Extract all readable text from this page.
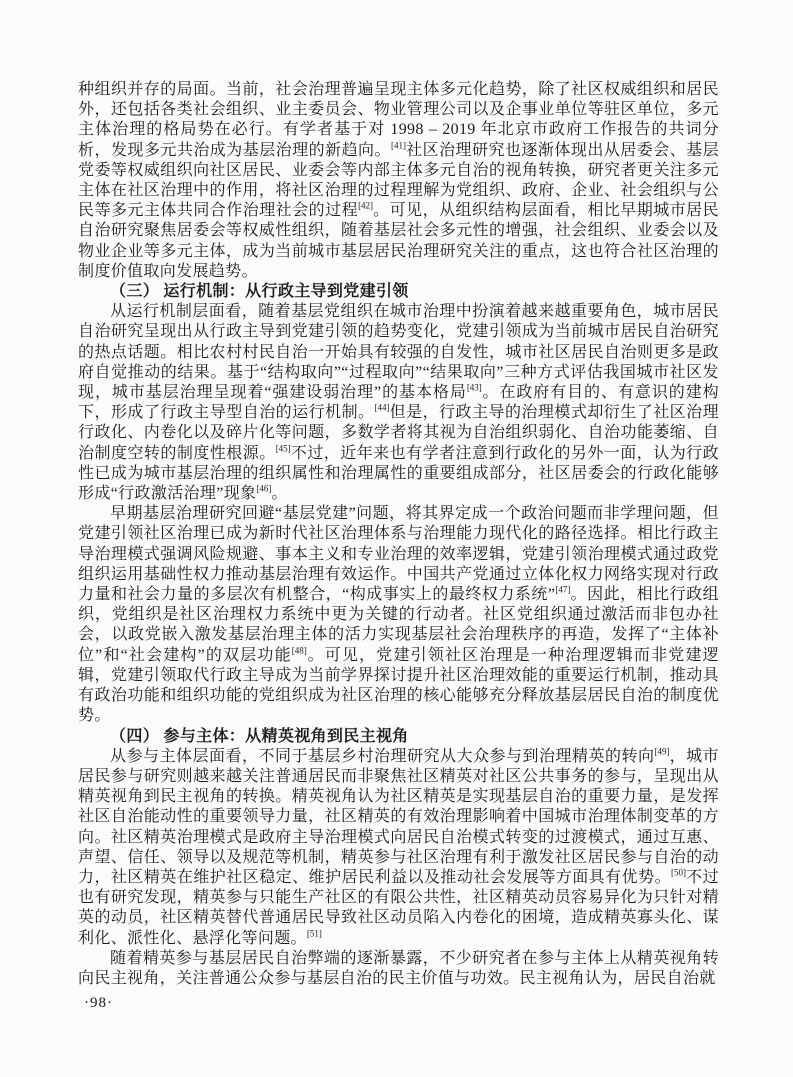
种组织并存的局面。当前，社会治理普遍呈现主体多元化趋势，除了社区权威组织和居民外，还包括各类社会组织、业主委员会、物业管理公司以及企事业单位等驻区单位，多元主体治理的格局势在必行。有学者基于对 1998 – 2019 年北京市政府工作报告的共词分析，发现多元共治成为基层治理的新趋向。[41]社区治理研究也逐渐体现出从居委会、基层党委等权威组织向社区居民、业委会等内部主体多元自治的视角转换，研究者更关注多元主体在社区治理中的作用，将社区治理的过程理解为党组织、政府、企业、社会组织与公民等多元主体共同合作治理社会的过程[42]。可见，从组织结构层面看，相比早期城市居民自治研究聚焦居委会等权威性组织，随着基层社会多元性的增强，社会组织、业委会以及物业企业等多元主体，成为当前城市基层居民治理研究关注的重点，这也符合社区治理的制度价值取向发展趋势。

（三） 运行机制：从行政主导到党建引领

从运行机制层面看，随着基层党组织在城市治理中扮演着越来越重要角色，城市居民自治研究呈现出从行政主导到党建引领的趋势变化，党建引领成为当前城市居民自治研究的热点话题。相比农村村民自治一开始具有较强的自发性，城市社区居民自治则更多是政府自觉推动的结果。基于“结构取向”“过程取向”“结果取向”三种方式评估我国城市社区发现，城市基层治理呈现着“强建设弱治理”的基本格局[43]。在政府有目的、有意识的建构下，形成了行政主导型自治的运行机制。[44]但是，行政主导的治理模式却衍生了社区治理行政化、内卷化以及碎片化等问题，多数学者将其视为自治组织弱化、自治功能萎缩、自治制度空转的制度性根源。[45]不过，近年来也有学者注意到行政化的另外一面，认为行政性已成为城市基层治理的组织属性和治理属性的重要组成部分，社区居委会的行政化能够形成“行政激活治理”现象[46]。

早期基层治理研究回避“基层党建”问题，将其界定成一个政治问题而非学理问题，但党建引领社区治理已成为新时代社区治理体系与治理能力现代化的路径选择。相比行政主导治理模式强调风险规避、事本主义和专业治理的效率逻辑，党建引领治理模式通过政党组织运用基础性权力推动基层治理有效运作。中国共产党通过立体化权力网络实现对行政力量和社会力量的多层次有机整合，“构成事实上的最终权力系统”[47]。因此，相比行政组织，党组织是社区治理权力系统中更为关键的行动者。社区党组织通过激活而非包办社会，以政党嵌入激发基层治理主体的活力实现基层社会治理秩序的再造，发挥了“主体补位”和“社会建构”的双层功能[48]。可见，党建引领社区治理是一种治理逻辑而非党建逻辑，党建引领取代行政主导成为当前学界探讨提升社区治理效能的重要运行机制，推动具有政治功能和组织功能的党组织成为社区治理的核心能够充分释放基层居民自治的制度优势。

（四） 参与主体：从精英视角到民主视角

从参与主体层面看，不同于基层乡村治理研究从大众参与到治理精英的转向[49]，城市居民参与研究则越来越关注普通居民而非聚焦社区精英对社区公共事务的参与，呈现出从精英视角到民主视角的转换。精英视角认为社区精英是实现基层自治的重要力量，是发挥社区自治能动性的重要领导力量，社区精英的有效治理影响着中国城市治理体制变革的方向。社区精英治理模式是政府主导治理模式向居民自治模式转变的过渡模式，通过互惠、声望、信任、领导以及规范等机制，精英参与社区治理有利于激发社区居民参与自治的动力，社区精英在维护社区稳定、维护居民利益以及推动社会发展等方面具有优势。[50]不过也有研究发现，精英参与只能生产社区的有限公共性，社区精英动员容易异化为只针对精英的动员，社区精英替代普通居民导致社区动员陷入内卷化的困境，造成精英寡头化、谋利化、派性化、悬浮化等问题。[51]

随着精英参与基层居民自治弊端的逐渐暴露，不少研究者在参与主体上从精英视角转向民主视角，关注普通公众参与基层自治的民主价值与功效。民主视角认为，居民自治就

·98·
